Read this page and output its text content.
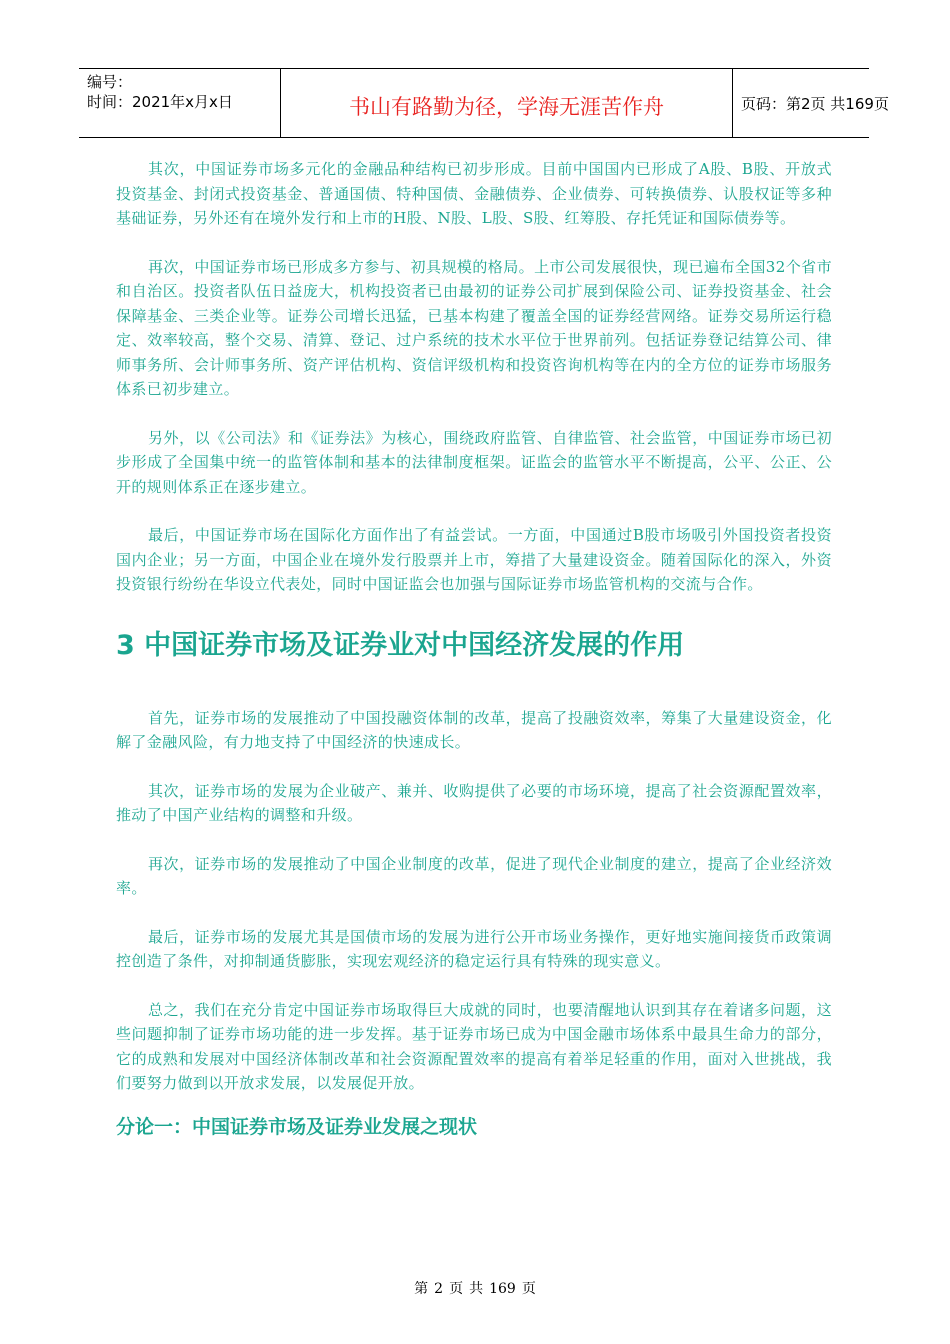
编号：
时间：2021年x月x日	书山有路勤为径，学海无涯苦作舟	页码：第2页 共169页

其次，中国证券市场多元化的金融品种结构已初步形成。目前中国国内已形成了A股、B股、开放式投资基金、封闭式投资基金、普通国债、特种国债、金融债券、企业债券、可转换债券、认股权证等多种基础证券，另外还有在境外发行和上市的H股、N股、L股、S股、红筹股、存托凭证和国际债券等。

再次，中国证券市场已形成多方参与、初具规模的格局。上市公司发展很快，现已遍布全国32个省市和自治区。投资者队伍日益庞大，机构投资者已由最初的证券公司扩展到保险公司、证券投资基金、社会保障基金、三类企业等。证券公司增长迅猛，已基本构建了覆盖全国的证券经营网络。证券交易所运行稳定、效率较高，整个交易、清算、登记、过户系统的技术水平位于世界前列。包括证券登记结算公司、律师事务所、会计师事务所、资产评估机构、资信评级机构和投资咨询机构等在内的全方位的证券市场服务体系已初步建立。

另外，以《公司法》和《证券法》为核心，围绕政府监管、自律监管、社会监管，中国证券市场已初步形成了全国集中统一的监管体制和基本的法律制度框架。证监会的监管水平不断提高，公平、公正、公开的规则体系正在逐步建立。

最后，中国证券市场在国际化方面作出了有益尝试。一方面，中国通过B股市场吸引外国投资者投资国内企业；另一方面，中国企业在境外发行股票并上市，筹措了大量建设资金。随着国际化的深入，外资投资银行纷纷在华设立代表处，同时中国证监会也加强与国际证券市场监管机构的交流与合作。

3 中国证券市场及证券业对中国经济发展的作用

首先，证券市场的发展推动了中国投融资体制的改革，提高了投融资效率，筹集了大量建设资金，化解了金融风险，有力地支持了中国经济的快速成长。

其次，证券市场的发展为企业破产、兼并、收购提供了必要的市场环境，提高了社会资源配置效率，推动了中国产业结构的调整和升级。

再次，证券市场的发展推动了中国企业制度的改革，促进了现代企业制度的建立，提高了企业经济效率。

最后，证券市场的发展尤其是国债市场的发展为进行公开市场业务操作，更好地实施间接货币政策调控创造了条件，对抑制通货膨胀，实现宏观经济的稳定运行具有特殊的现实意义。

总之，我们在充分肯定中国证券市场取得巨大成就的同时，也要清醒地认识到其存在着诸多问题，这些问题抑制了证券市场功能的进一步发挥。基于证券市场已成为中国金融市场体系中最具生命力的部分，它的成熟和发展对中国经济体制改革和社会资源配置效率的提高有着举足轻重的作用，面对入世挑战，我们要努力做到以开放求发展，以发展促开放。

分论一：中国证券市场及证券业发展之现状
第 2 页 共 169 页
